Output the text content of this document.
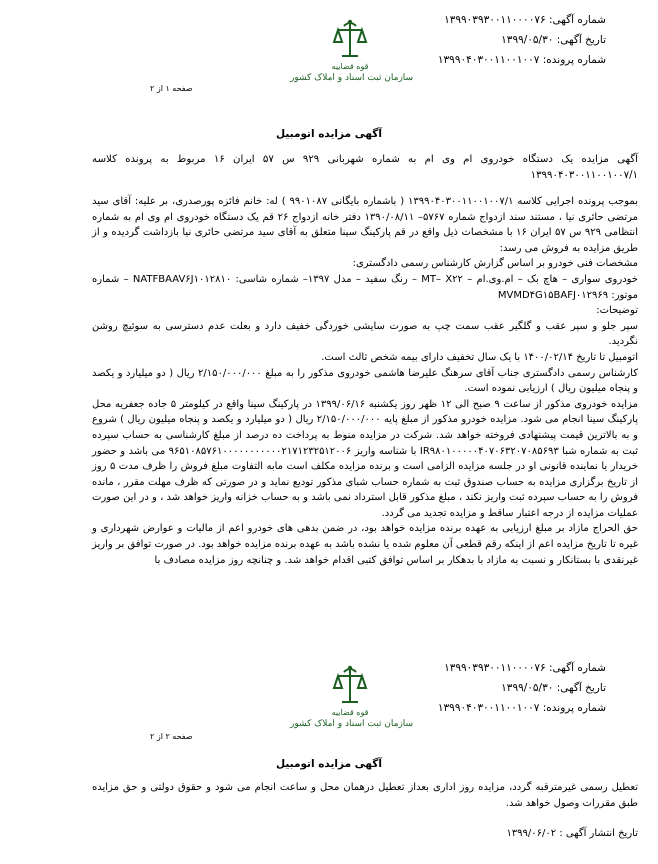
شماره آگهی: ۱۳۹۹۰۳۹۳۰۰۱۱۰۰۰۰۷۶
تاریخ آگهی: ۱۳۹۹/۰۵/۳۰
شماره پرونده: ۱۳۹۹۰۴۰۳۰۰۱۱۰۰۱۰۰۷
قوه قضاییه
سازمان ثبت اسناد و املاک کشور
صفحه ۱ از ۲
آگهی مزایده اتومبیل
آگهی مزایده یک دستگاه خودروی ام وی ام به شماره شهربانی ۹۲۹ س ۵۷ ایران ۱۶ مربوط به پرونده کلاسه ۱۳۹۹۰۴۰۳۰۰۱۱۰۰۱۰۰۷/۱

بموجب پرونده اجرایی کلاسه ۱۳۹۹۰۴۰۳۰۰۱۱۰۰۱۰۰۷/۱ ( باشماره بایگانی ۹۹۰۱۰۸۷ ) له: خانم فائزه پورصدری، بر علیه: آقای سید مرتضی حائری نیا ، مستند سند ازدواج شماره ۵۷۶۷– ۱۳۹۰/۰۸/۱۱ دفتر خانه ازدواج ۲۶ قم یک دستگاه خودروی ام وی ام به شماره انتظامی ۹۲۹ س ۵۷ ایران ۱۶ با مشخصات ذیل واقع در قم پارکینگ سینا متعلق به آقای سید مرتضی حائری نیا بازداشت گردیده و از طریق مزایده به فروش می رسد:

مشخصات فنی خودرو بر اساس گزارش کارشناس رسمی دادگستری:

خودروی سواری – هاچ بک – ام.وی.ام – MT– X۲۲ – رنگ سفید – مدل ۱۳۹۷– شماره شاسی: NATFBAAV۶J۱۰۱۲۸۱۰ – شماره موتور: MVMD۴G۱۵BAFJ۰۱۲۹۶۹

توضیحات:

سپر جلو و سپر عقب و گلگیر عقب سمت چپ به صورت سایشی خوردگی خفیف دارد و بعلت عدم دسترسی به سوئیچ روشن نگردید.

اتومبیل تا تاریخ ۱۴۰۰/۰۲/۱۴ با یک سال تخفیف دارای بیمه شخص ثالث است.

کارشناس رسمی دادگستری جناب آقای سرهنگ علیرضا هاشمی خودروی مذکور را به مبلغ ۲/۱۵۰/۰۰۰/۰۰۰ ریال ( دو میلیارد و یکصد و پنجاه میلیون ریال ) ارزیابی نموده است.

مزایده خودروی مذکور از ساعت ۹ صبح الی ۱۲ ظهر روز یکشنبه ۱۳۹۹/۰۶/۱۶ در پارکینگ سینا واقع در کیلومتر ۵ جاده جعفریه محل پارکینگ سینا انجام می شود. مزایده خودرو مذکور از مبلغ پایه ۲/۱۵۰/۰۰۰/۰۰۰ ریال ( دو میلیارد و یکصد و پنجاه میلیون ریال ) شروع و به بالاترین قیمت پیشنهادی فروخته خواهد شد. شرکت در مزایده منوط به پرداخت ده درصد از مبلغ کارشناسی به حساب سپرده ثبت به شماره شبا IR۹۸۰۱۰۰۰۰۰۴۰۷۰۶۳۲۰۷۰۸۵۶۹۳ با شناسه واریز ۹۶۵۱۰۸۵۷۶۱۰۰۰۰۰۰۰۰۰۰۰۲۱۷۱۲۳۲۵۱۲۰۰۶ می باشد و حضور خریدار یا نماینده قانونی او در جلسه مزایده الزامی است و برنده مزایده مکلف است مابه التفاوت مبلغ فروش را ظرف مدت ۵ روز از تاریخ برگزاری مزایده به حساب صندوق ثبت به شماره حساب شبای مذکور تودیع نماید و در صورتی که ظرف مهلت مقرر ، مانده فروش را به حساب سپرده ثبت واریز نکند ، مبلغ مذکور قابل استرداد نمی باشد و به حساب خزانه واریز خواهد شد ، و در این صورت عملیات مزایده از درجه اعتبار ساقط و مزایده تجدید می گردد.

حق الحراج مازاد بر مبلغ ارزیابی به عهده برنده مزایده خواهد بود، در ضمن بدهی های خودرو اعم از مالیات و عوارض شهرداری و غیره تا تاریخ مزایده اعم از اینکه رقم قطعی آن معلوم شده یا نشده باشد به عهده برنده مزایده خواهد بود. در صورت توافق بر واریز غیرنقدی با بستانکار و نسبت به مازاد با بدهکار بر اساس توافق کتبی اقدام خواهد شد. و چنانچه روز مزایده مصادف با

شماره آگهی: ۱۳۹۹۰۳۹۳۰۰۱۱۰۰۰۰۷۶
تاریخ آگهی: ۱۳۹۹/۰۵/۳۰
شماره پرونده: ۱۳۹۹۰۴۰۳۰۰۱۱۰۰۱۰۰۷
قوه قضاییه
سازمان ثبت اسناد و املاک کشور
صفحه ۲ از ۲
آگهی مزایده اتومبیل

تعطیل رسمی غیرمترقبه گردد، مزایده روز اداری بعداز تعطیل درهمان محل و ساعت انجام می شود و حقوق دولتی و حق مزایده طبق مقررات وصول خواهد شد.

تاریخ انتشار آگهی : ۱۳۹۹/۰۶/۰۲
